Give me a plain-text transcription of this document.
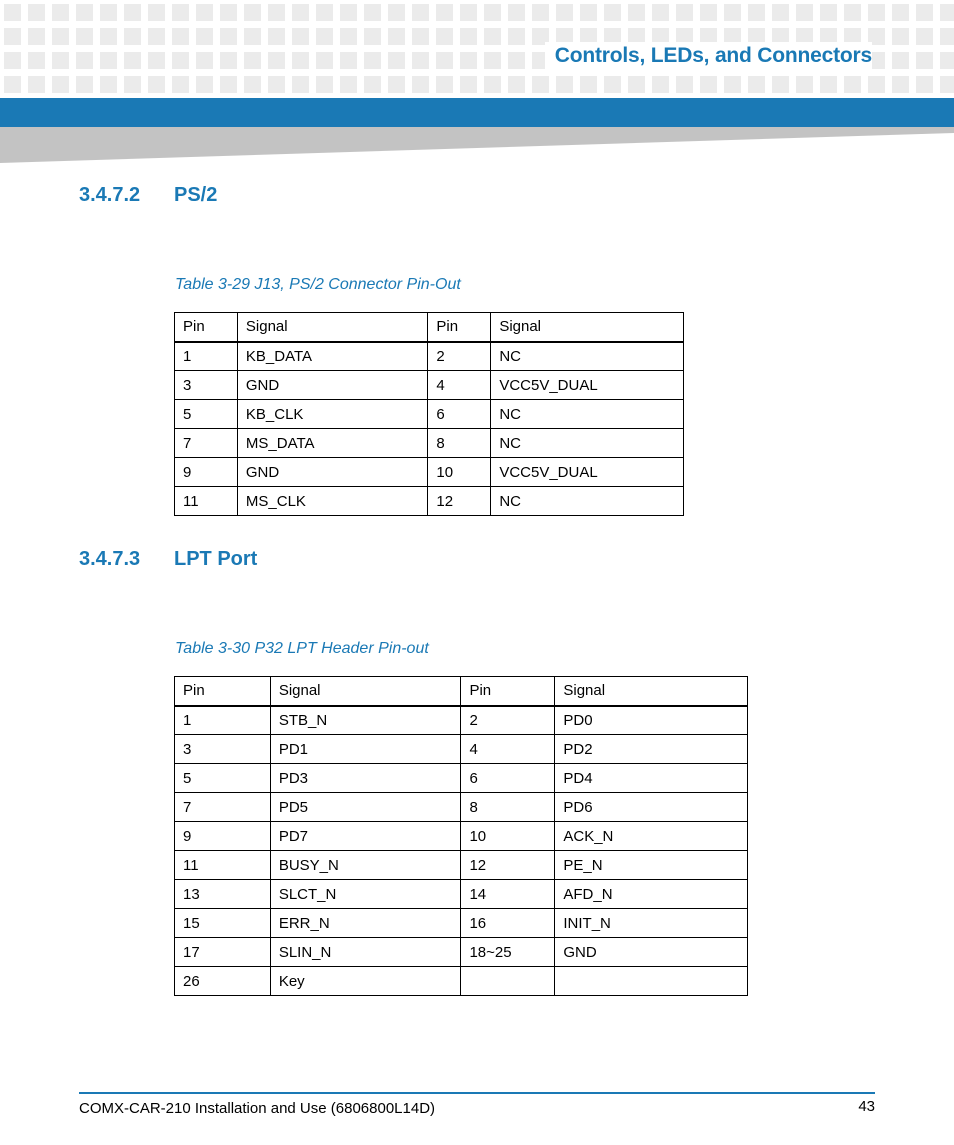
Controls, LEDs, and Connectors
3.4.7.2 PS/2

Table 3-29 J13, PS/2 Connector Pin-Out

Pin	Signal	Pin	Signal
1	KB_DATA	2	NC
3	GND	4	VCC5V_DUAL
5	KB_CLK	6	NC
7	MS_DATA	8	NC
9	GND	10	VCC5V_DUAL
11	MS_CLK	12	NC
3.4.7.3 LPT Port

Table 3-30 P32 LPT Header Pin-out

Pin	Signal	Pin	Signal
1	STB_N	2	PD0
3	PD1	4	PD2
5	PD3	6	PD4
7	PD5	8	PD6
9	PD7	10	ACK_N
11	BUSY_N	12	PE_N
13	SLCT_N	14	AFD_N
15	ERR_N	16	INIT_N
17	SLIN_N	18~25	GND
26	Key		
COMX-CAR-210 Installation and Use (6806800L14D)	43
